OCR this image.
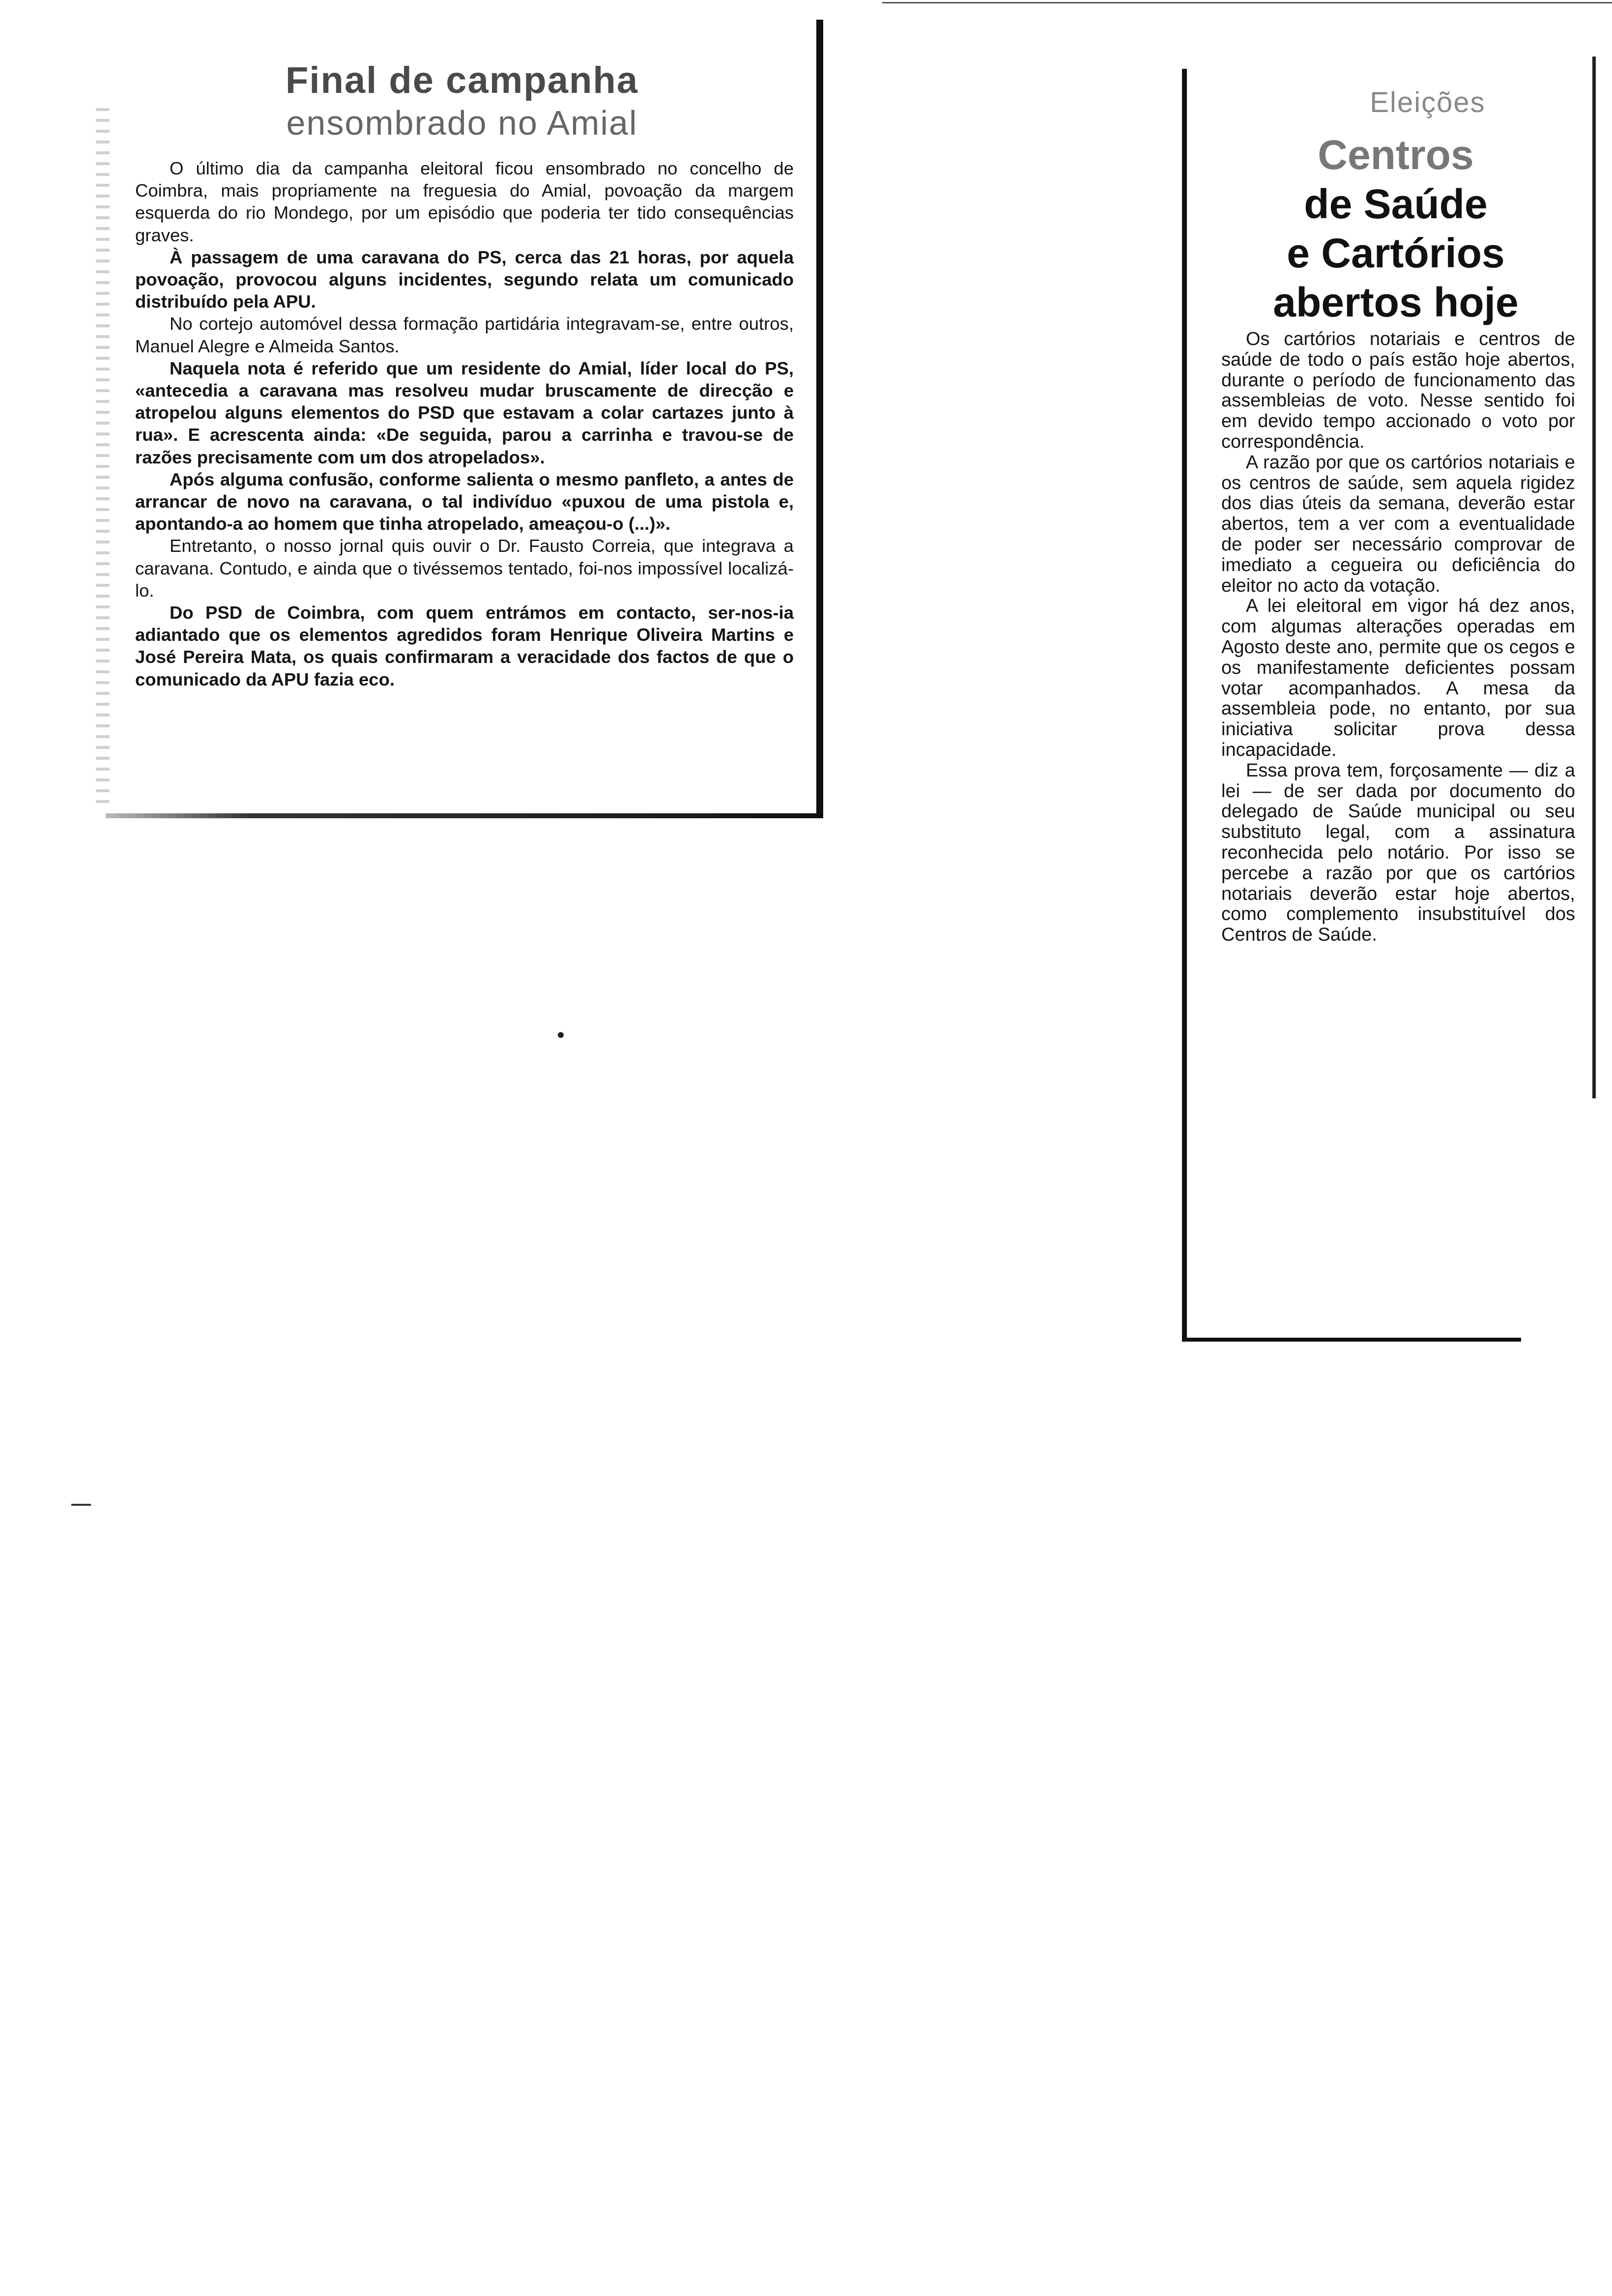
Final de campanha
ensombrado no Amial

O último dia da campanha eleitoral ficou ensombrado no concelho de Coimbra, mais propriamente na freguesia do Amial, povoação da margem esquerda do rio Mondego, por um episódio que poderia ter tido consequências graves.

À passagem de uma caravana do PS, cerca das 21 horas, por aquela povoação, provocou alguns incidentes, segundo relata um comunicado distribuído pela APU.

No cortejo automóvel dessa formação partidária integravam-se, entre outros, Manuel Alegre e Almeida Santos.

Naquela nota é referido que um residente do Amial, líder local do PS, «antecedia a caravana mas resolveu mudar bruscamente de direcção e atropelou alguns elementos do PSD que estavam a colar cartazes junto à rua». E acrescenta ainda: «De seguida, parou a carrinha e travou-se de razões precisamente com um dos atropelados».

Após alguma confusão, conforme salienta o mesmo panfleto, a antes de arrancar de novo na caravana, o tal indivíduo «puxou de uma pistola e, apontando-a ao homem que tinha atropelado, ameaçou-o (...)».

Entretanto, o nosso jornal quis ouvir o Dr. Fausto Correia, que integrava a caravana. Contudo, e ainda que o tivéssemos tentado, foi-nos impossível localizá-lo.

Do PSD de Coimbra, com quem entrámos em contacto, ser-nos-ia adiantado que os elementos agredidos foram Henrique Oliveira Martins e José Pereira Mata, os quais confirmaram a veracidade dos factos de que o comunicado da APU fazia eco.

Eleições
Centros
de Saúde
e Cartórios
abertos hoje

Os cartórios notariais e centros de saúde de todo o país estão hoje abertos, durante o período de funcionamento das assembleias de voto. Nesse sentido foi em devido tempo accionado o voto por correspondência.

A razão por que os cartórios notariais e os centros de saúde, sem aquela rigidez dos dias úteis da semana, deverão estar abertos, tem a ver com a eventualidade de poder ser necessário comprovar de imediato a cegueira ou deficiência do eleitor no acto da votação.

A lei eleitoral em vigor há dez anos, com algumas alterações operadas em Agosto deste ano, permite que os cegos e os manifestamente deficientes possam votar acompanhados. A mesa da assembleia pode, no entanto, por sua iniciativa solicitar prova dessa incapacidade.

Essa prova tem, forçosamente — diz a lei — de ser dada por documento do delegado de Saúde municipal ou seu substituto legal, com a assinatura reconhecida pelo notário. Por isso se percebe a razão por que os cartórios notariais deverão estar hoje abertos, como complemento insubstituível dos Centros de Saúde.
